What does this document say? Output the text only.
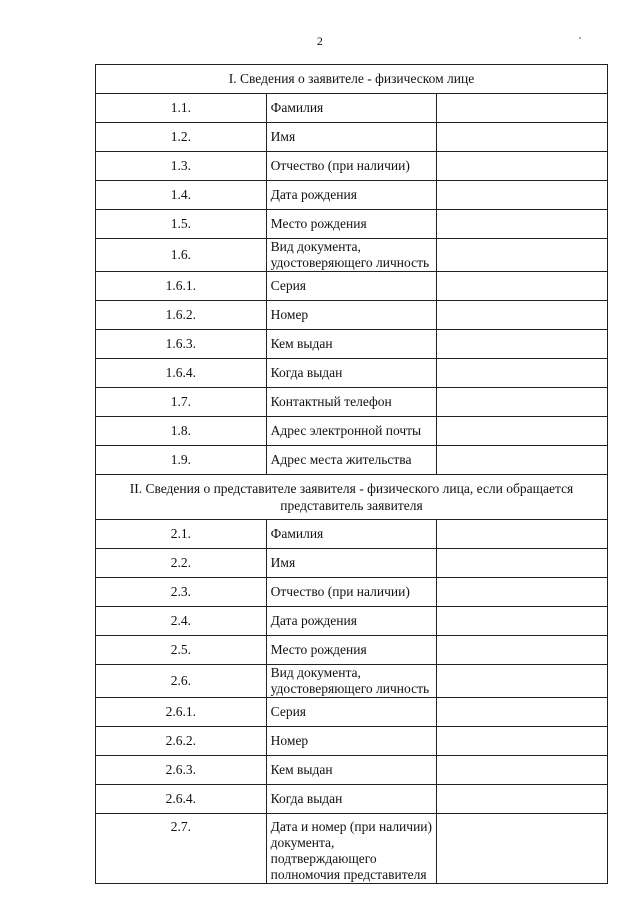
2
I. Сведения о заявителе - физическом лице		
1.1.	Фамилия	
1.2.	Имя	
1.3.	Отчество (при наличии)	
1.4.	Дата рождения	
1.5.	Место рождения	
1.6.	Вид документа, удостоверяющего личность	
1.6.1.	Серия	
1.6.2.	Номер	
1.6.3.	Кем выдан	
1.6.4.	Когда выдан	
1.7.	Контактный телефон	
1.8.	Адрес электронной почты	
1.9.	Адрес места жительства	

II. Сведения о представителе заявителя - физического лица, если обращается
представитель заявителя		

2.1.	Фамилия	
2.2.	Имя	
2.3.	Отчество (при наличии)	
2.4.	Дата рождения	
2.5.	Место рождения	
2.6.	Вид документа, удостоверяющего личность	
2.6.1.	Серия	
2.6.2.	Номер	
2.6.3.	Кем выдан	
2.6.4.	Когда выдан	
2.7.	Дата и номер (при наличии) документа,
подтверждающего полномочия представителя	
